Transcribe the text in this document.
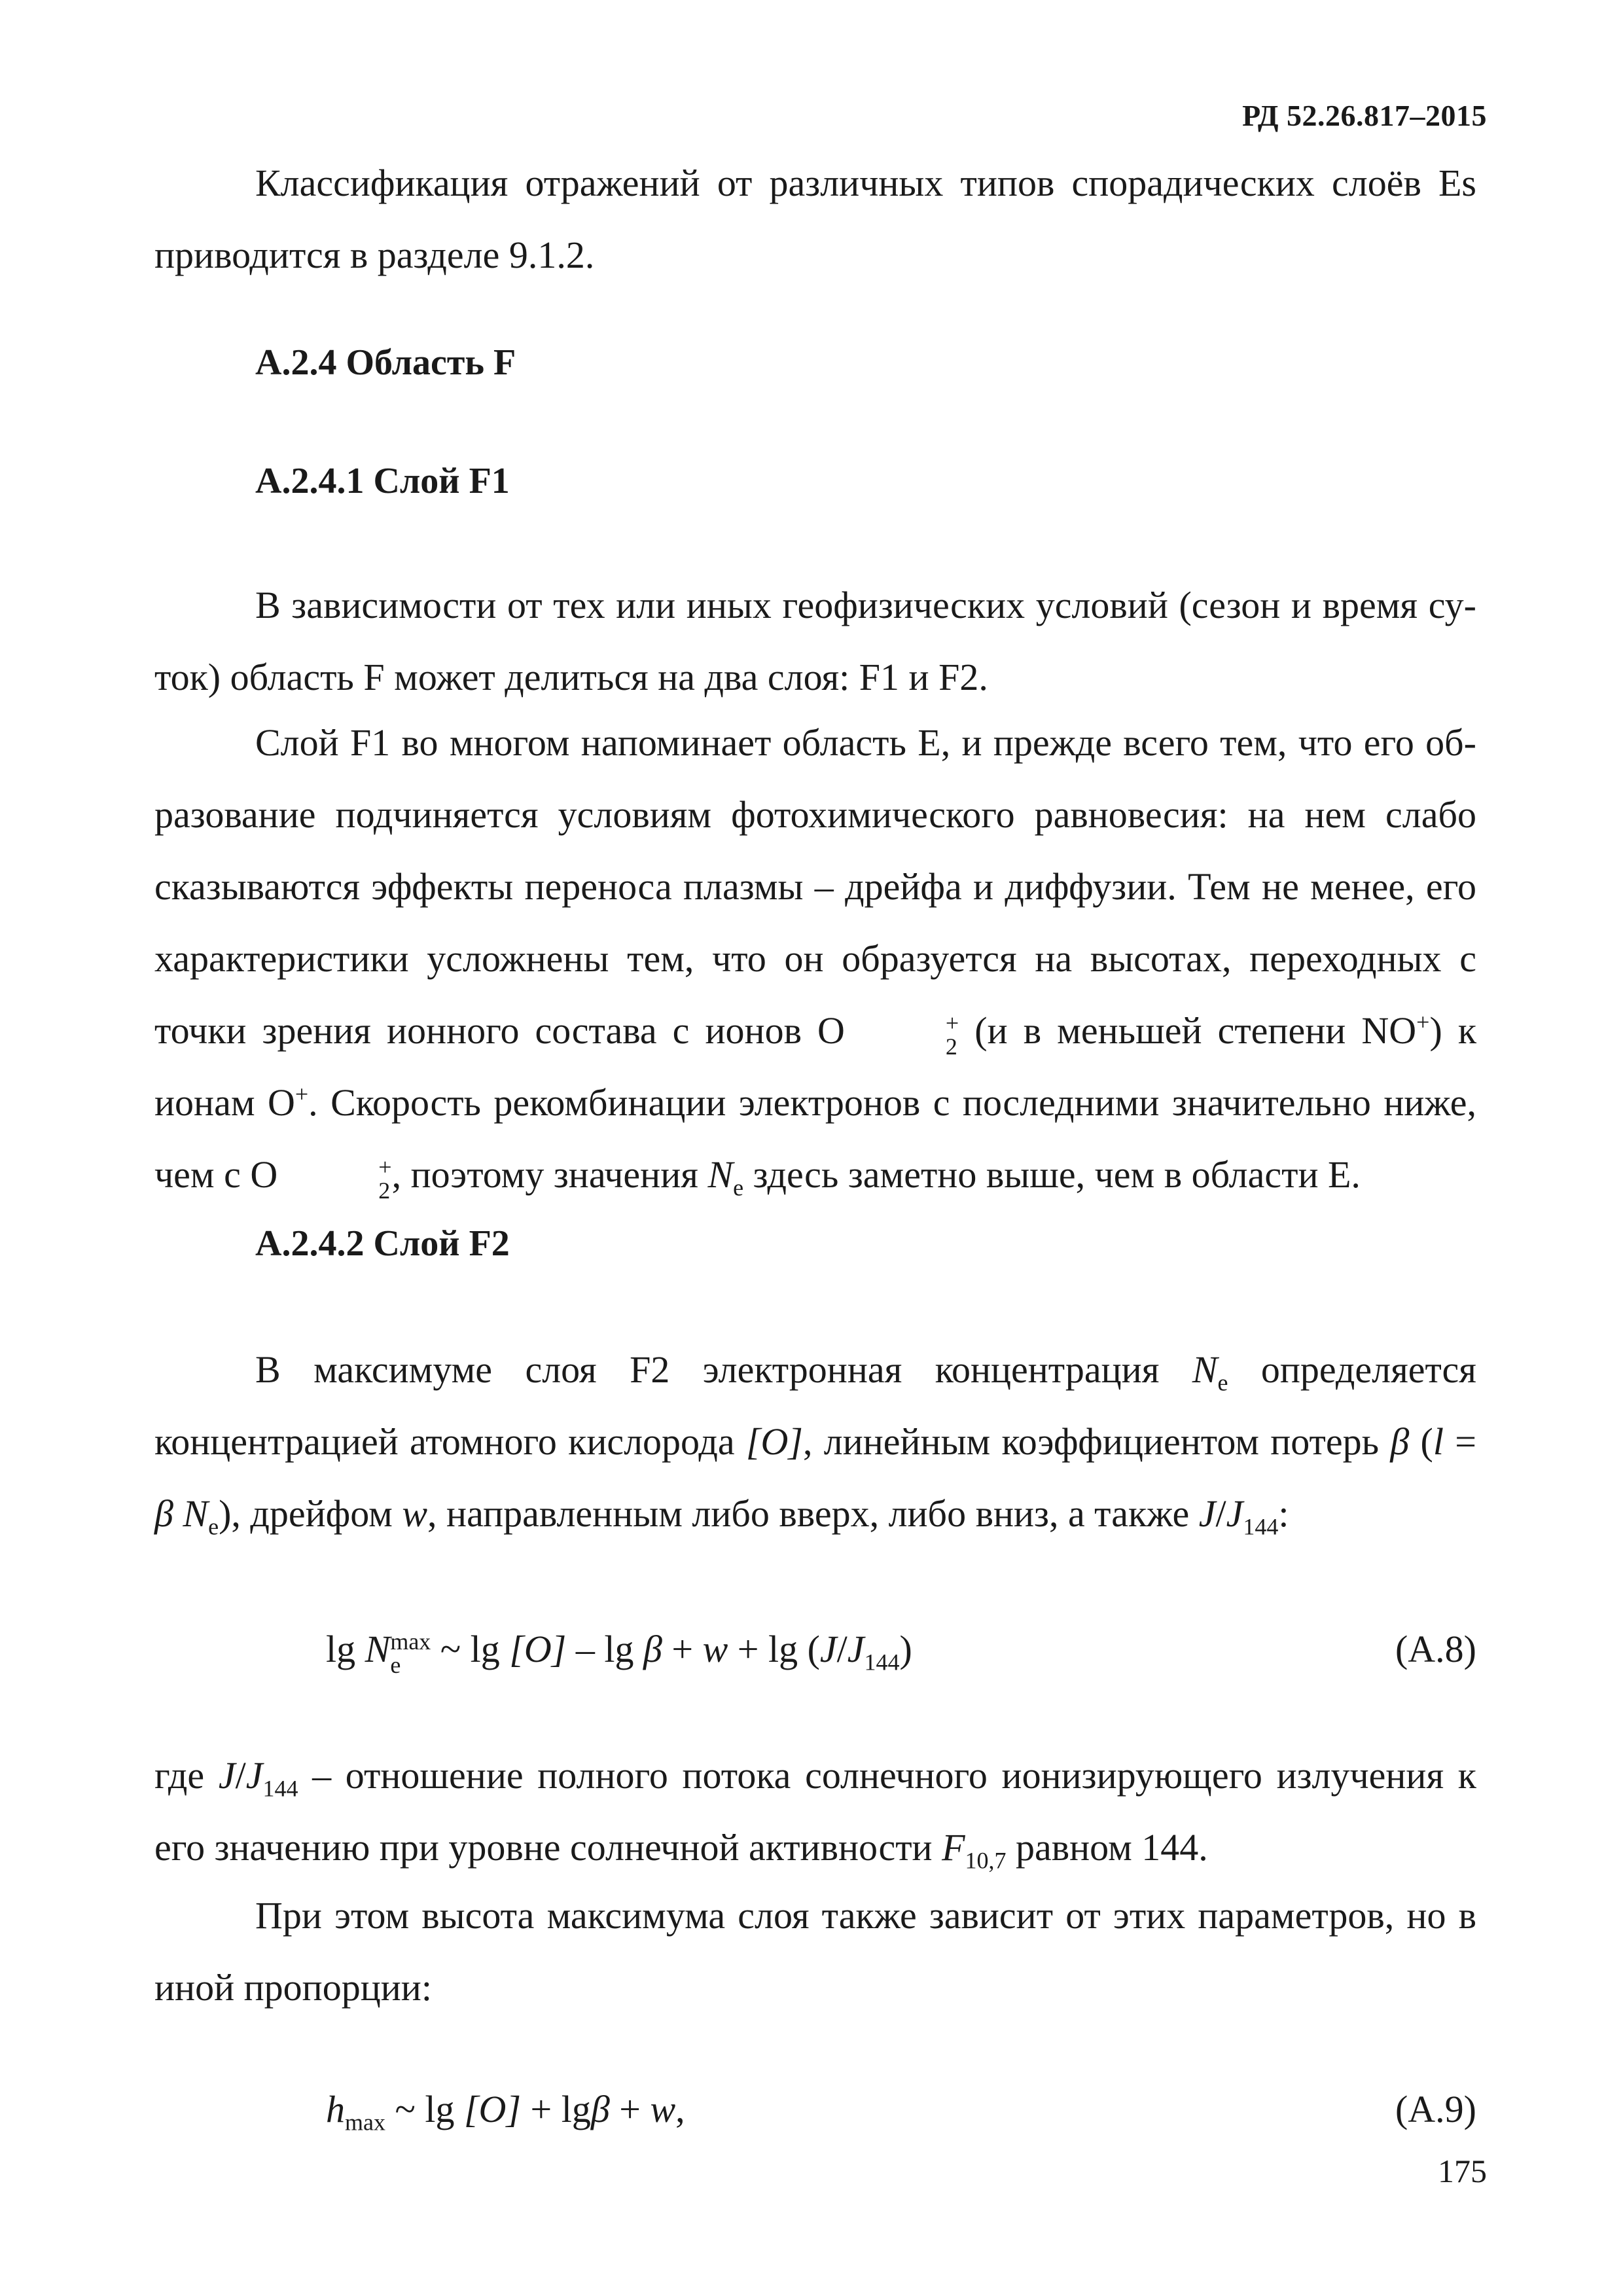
РД 52.26.817–2015

Классификация отражений от различных типов спорадических слоёв Es

приводится в разделе 9.1.2.

А.2.4 Область F
А.2.4.1 Слой F1

В зависимости от тех или иных геофизических условий (сезон и время су-ток) область F может делиться на два слоя: F1 и F2.

Слой F1 во многом напоминает область Е, и прежде всего тем, что его об-разование подчиняется условиям фотохимического равновесия: на нем слабо сказываются эффекты переноса плазмы – дрейфа и диффузии. Тем не менее, его характеристики усложнены тем, что он образуется на высотах, переходных с точки зрения ионного состава с ионов O	+
2 (и в меньшей степени NO+) к ионам O+. Скорость рекомбинации электронов с последними значительно ниже, чем с O	+
2 , поэтому значения $N_e$ здесь заметно выше, чем в области Е.

А.2.4.2 Слой F2

В максимуме слоя F2 электронная концентрация $N_e$ определяется концентрацией атомного кислорода [O], линейным коэффициентом потерь β (l = β $N_e$), дрейфом w, направленным либо вверх, либо вниз, а также $J/J_{144}$:

lg N max
e ~ $\lg [O] - \lg \beta + w + \lg (J/J_{144})$	(А.8)

где $J/J_{144}$ – отношение полного потока солнечного ионизирующего излучения к его значению при уровне солнечной активности $F_{10,7}$ равном 144.

При этом высота максимума слоя также зависит от этих параметров, но в иной пропорции:

$h_{max}$ ~ lg [O] + lgβ + w,	(А.9)
175
